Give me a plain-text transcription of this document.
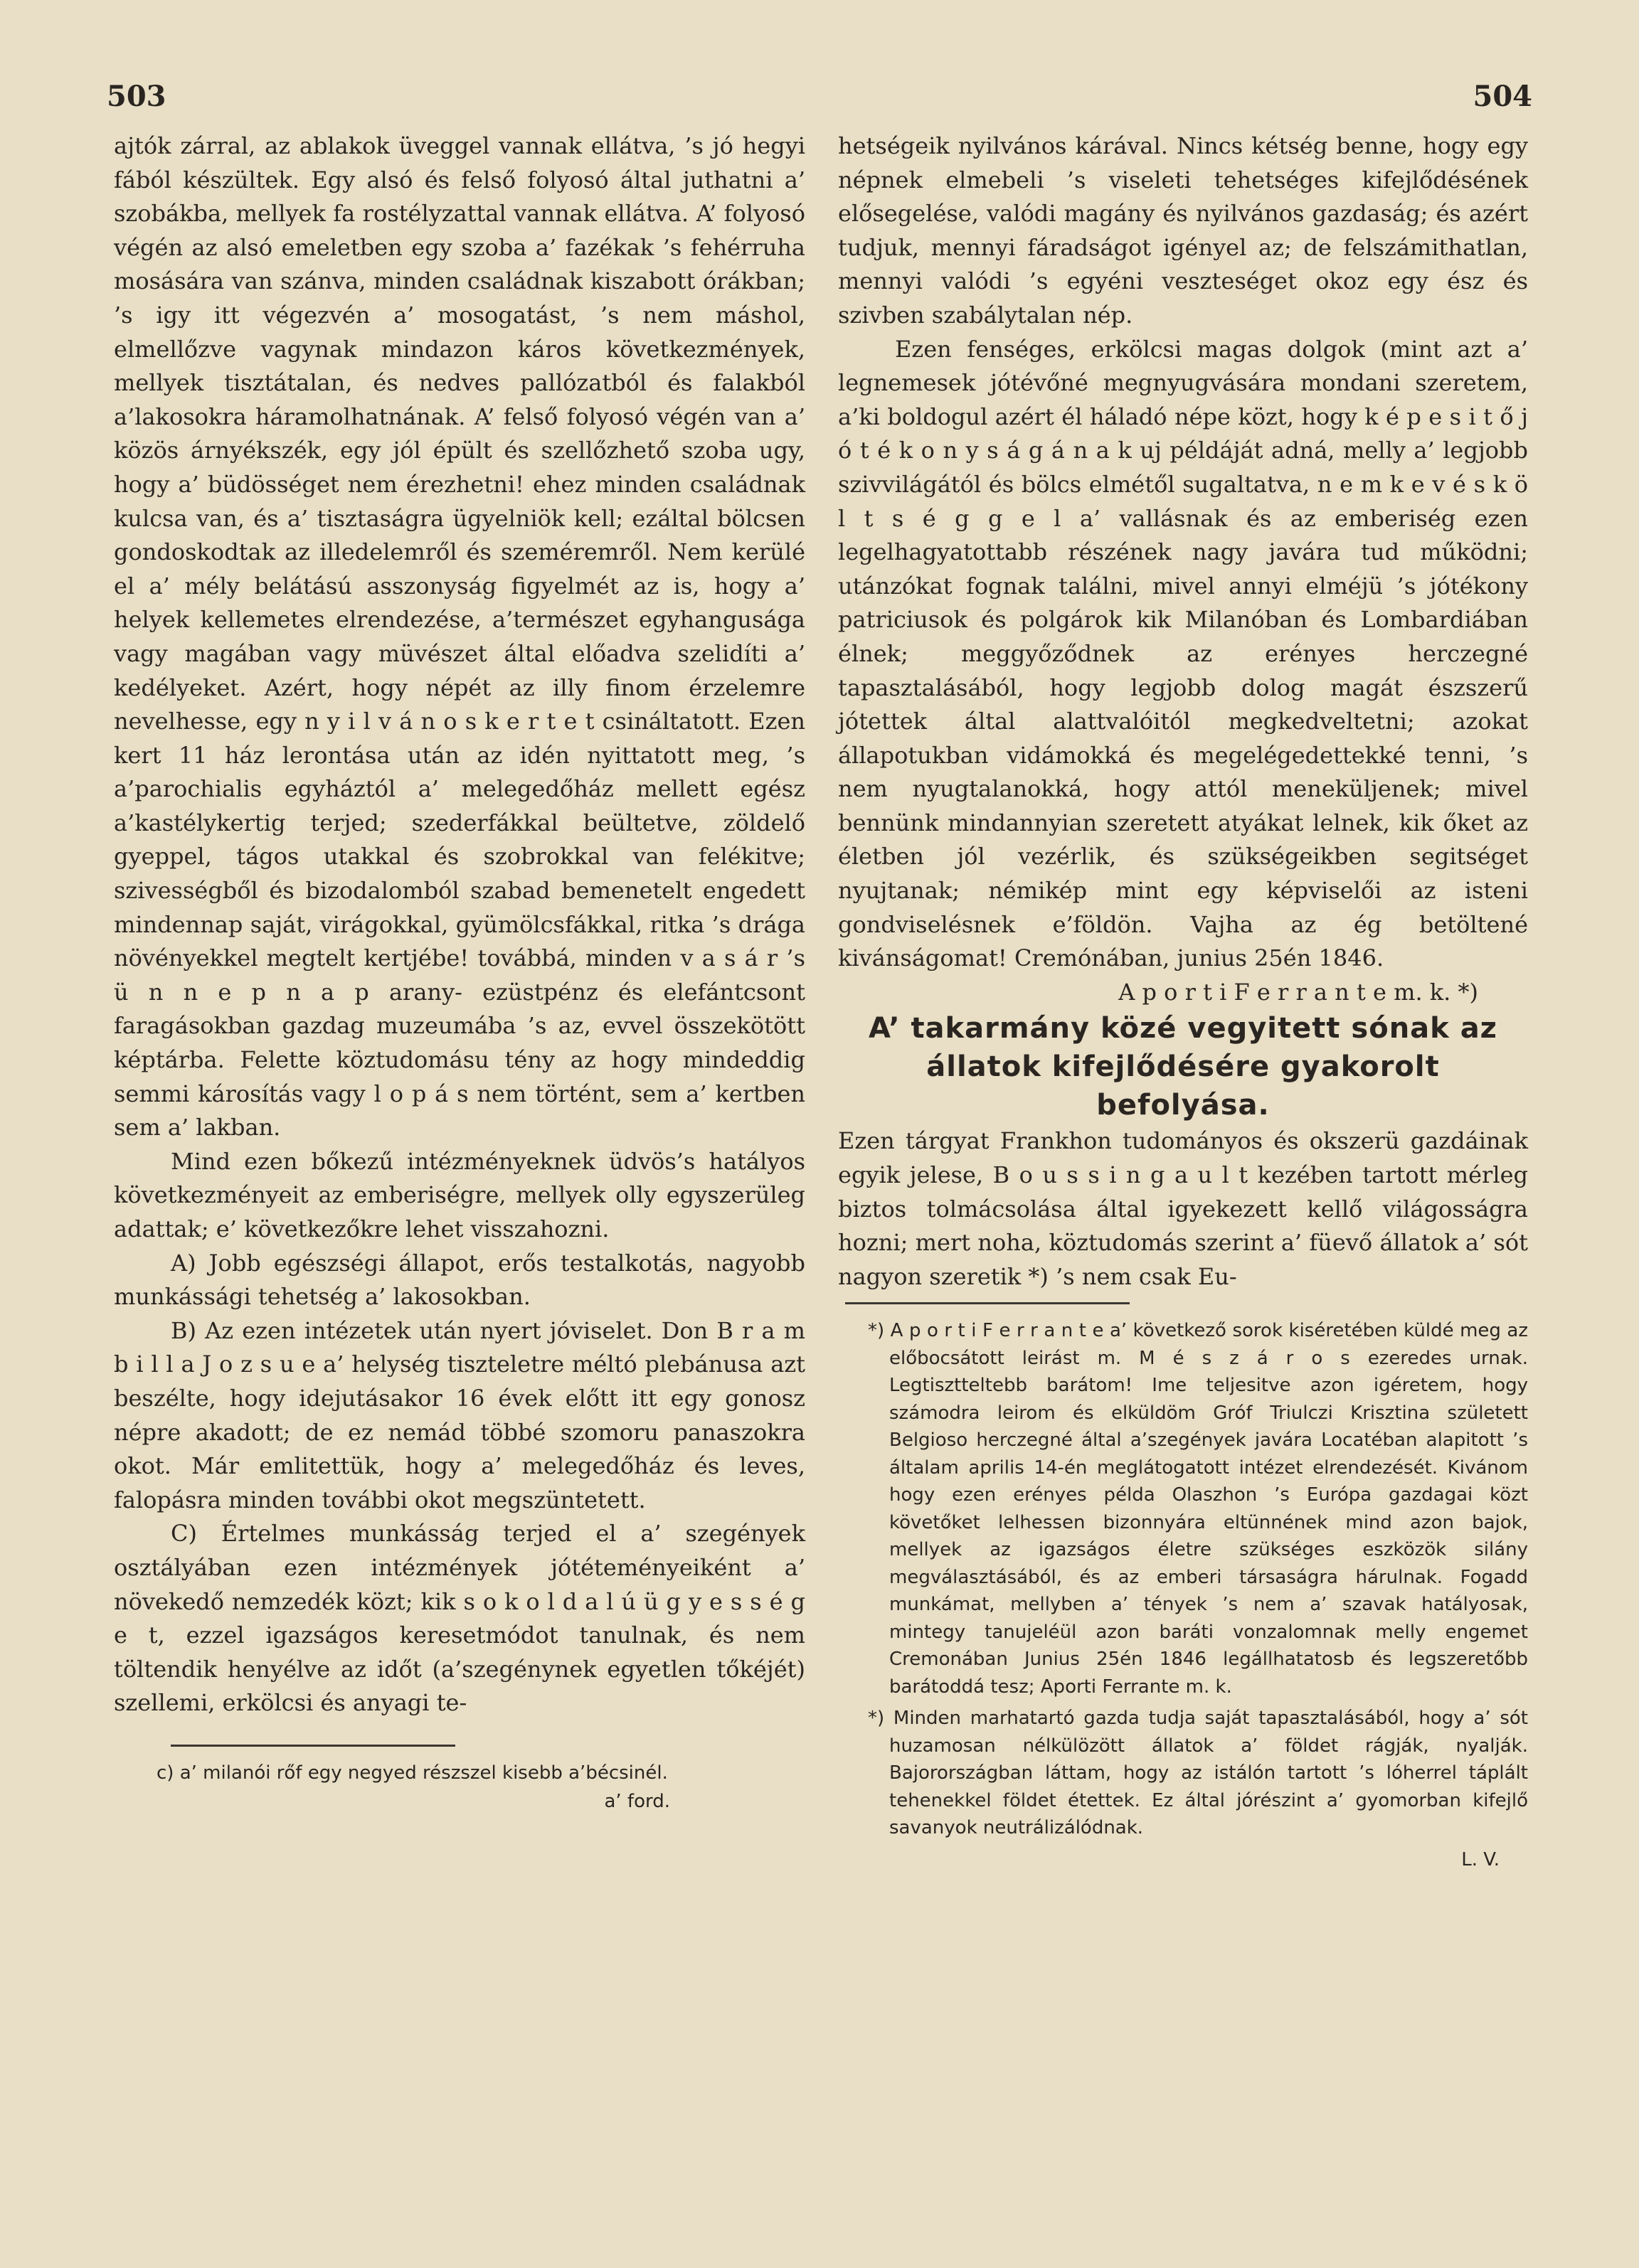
503	504

ajtók zárral, az ablakok üveggel vannak ellátva, ’s jó hegyi fából készültek. Egy alsó és felső folyosó által juthatni a’ szobákba, mellyek fa rostélyzattal vannak ellátva. A’ folyosó végén az alsó emeletben egy szoba a’ fazékak ’s fehérruha mosására van szánva, minden családnak kiszabott órákban; ’s igy itt végezvén a’ mosogatást, ’s nem máshol, elmellőzve vagynak mindazon káros következmények, mellyek tisztátalan, és nedves pallózatból és falakból a’lakosokra háramolhatnának. A’ felső folyosó végén van a’ közös árnyékszék, egy jól épült és szellőzhető szoba ugy, hogy a’ büdösséget nem érezhetni! ehez minden családnak kulcsa van, és a’ tisztaságra ügyelniök kell; ezáltal bölcsen gondoskodtak az illedelemről és szeméremről. Nem kerülé el a’ mély belátású asszonyság figyelmét az is, hogy a’ helyek kellemetes elrendezése, a’természet egyhangusága vagy magában vagy müvészet által előadva szelidíti a’ kedélyeket. Azért, hogy népét az illy finom érzelemre nevelhesse, egy n y i l v á n o s k e r t e t csináltatott. Ezen kert 11 ház lerontása után az idén nyittatott meg, ’s a’parochialis egyháztól a’ melegedőház mellett egész a’kastélykertig terjed; szederfákkal beültetve, zöldelő gyeppel, tágos utakkal és szobrokkal van felékitve; szivességből és bizodalomból szabad bemenetelt engedett mindennap saját, virágokkal, gyümölcsfákkal, ritka ’s drága növényekkel megtelt kertjébe! továbbá, minden v a s á r ’s ü n n e p n a p arany- ezüstpénz és elefántcsont faragásokban gazdag muzeumába ’s az, evvel összekötött képtárba. Felette köztudomásu tény az hogy mindeddig semmi károsítás vagy l o p á s nem történt, sem a’ kertben sem a’ lakban.

Mind ezen bőkezű intézményeknek üdvös’s hatályos következményeit az emberiségre, mellyek olly egyszerüleg adattak; e’ következőkre lehet visszahozni.

A) Jobb egészségi állapot, erős testalkotás, nagyobb munkássági tehetség a’ lakosokban.

B) Az ezen intézetek után nyert jóviselet. Don B r a m b i l l a J o z s u e a’ helység tiszteletre méltó plebánusa azt beszélte, hogy idejutásakor 16 évek előtt itt egy gonosz népre akadott; de ez nemád többé szomoru panaszokra okot. Már emlitettük, hogy a’ melegedőház és leves, falopásra minden további okot megszüntetett.

C) Értelmes munkásság terjed el a’ szegények osztályában ezen intézmények jótéteményeiként a’ növekedő nemzedék közt; kik s o k o l d a l ú ü g y e s s é g e t, ezzel igazságos keresetmódot tanulnak, és nem töltendik henyélve az időt (a’szegénynek egyetlen tőkéjét) szellemi, erkölcsi és anyagi te-

c) a’ milanói rőf egy negyed részszel kisebb a’bécsinél.

a’ ford.

hetségeik nyilvános kárával. Nincs kétség benne, hogy egy népnek elmebeli ’s viseleti tehetséges kifejlődésének elősegelése, valódi magány és nyilvános gazdaság; és azért tudjuk, mennyi fáradságot igényel az; de felszámithatlan, mennyi valódi ’s egyéni veszteséget okoz egy ész és szivben szabálytalan nép.

Ezen fenséges, erkölcsi magas dolgok (mint azt a’ legnemesek jótévőné megnyugvására mondani szeretem, a’ki boldogul azért él háladó népe közt, hogy k é p e s i t ő j ó t é k o n y s á g á n a k uj példáját adná, melly a’ legjobb szivvilágától és bölcs elmétől sugaltatva, n e m k e v é s k ö l t s é g g e l a’ vallásnak és az emberiség ezen legelhagyatottabb részének nagy javára tud működni; utánzókat fognak találni, mivel annyi elméjü ’s jótékony patriciusok és polgárok kik Milanóban és Lombardiában élnek; meggyőződnek az erényes herczegné tapasztalásából, hogy legjobb dolog magát észszerű jótettek által alattvalóitól megkedveltetni; azokat állapotukban vidámokká és megelégedettekké tenni, ’s nem nyugtalanokká, hogy attól meneküljenek; mivel bennünk mindannyian szeretett atyákat lelnek, kik őket az életben jól vezérlik, és szükségeikben segitséget nyujtanak; némikép mint egy képviselői az isteni gondviselésnek e’földön. Vajha az ég betöltené kivánságomat! Cremónában, junius 25én 1846.

A p o r t i F e r r a n t e m. k. *)

A’ takarmány közé vegyitett sónak az állatok kifejlődésére gyakorolt befolyása.

Ezen tárgyat Frankhon tudományos és okszerü gazdáinak egyik jelese, B o u s s i n g a u l t kezében tartott mérleg biztos tolmácsolása által igyekezett kellő világosságra hozni; mert noha, köztudomás szerint a’ füevő állatok a’ sót nagyon szeretik *) ’s nem csak Eu-

*) A p o r t i F e r r a n t e a’ következő sorok kiséretében küldé meg az előbocsátott leirást m. M é s z á r o s ezeredes urnak. Legtisztteltebb barátom! Ime teljesitve azon igéretem, hogy számodra leirom és elküldöm Gróf Triulczi Krisztina született Belgioso herczegné által a’szegények javára Locatéban alapitott ’s általam aprilis 14-én meglátogatott intézet elrendezését. Kivánom hogy ezen erényes példa Olaszhon ’s Európa gazdagai közt követőket lelhessen bizonnyára eltünnének mind azon bajok, mellyek az igazságos életre szükséges eszközök silány megválasztásából, és az emberi társaságra hárulnak. Fogadd munkámat, mellyben a’ tények ’s nem a’ szavak hatályosak, mintegy tanujeléül azon baráti vonzalomnak melly engemet Cremonában Junius 25én 1846 legállhatatosb és legszeretőbb barátoddá tesz; Aporti Ferrante m. k.

*) Minden marhatartó gazda tudja saját tapasztalásából, hogy a’ sót huzamosan nélkülözött állatok a’ földet rágják, nyalják. Bajorországban láttam, hogy az istálón tartott ’s lóherrel táplált tehenekkel földet étettek. Ez által jórészint a’ gyomorban kifejlő savanyok neutrálizálódnak.

L. V.
